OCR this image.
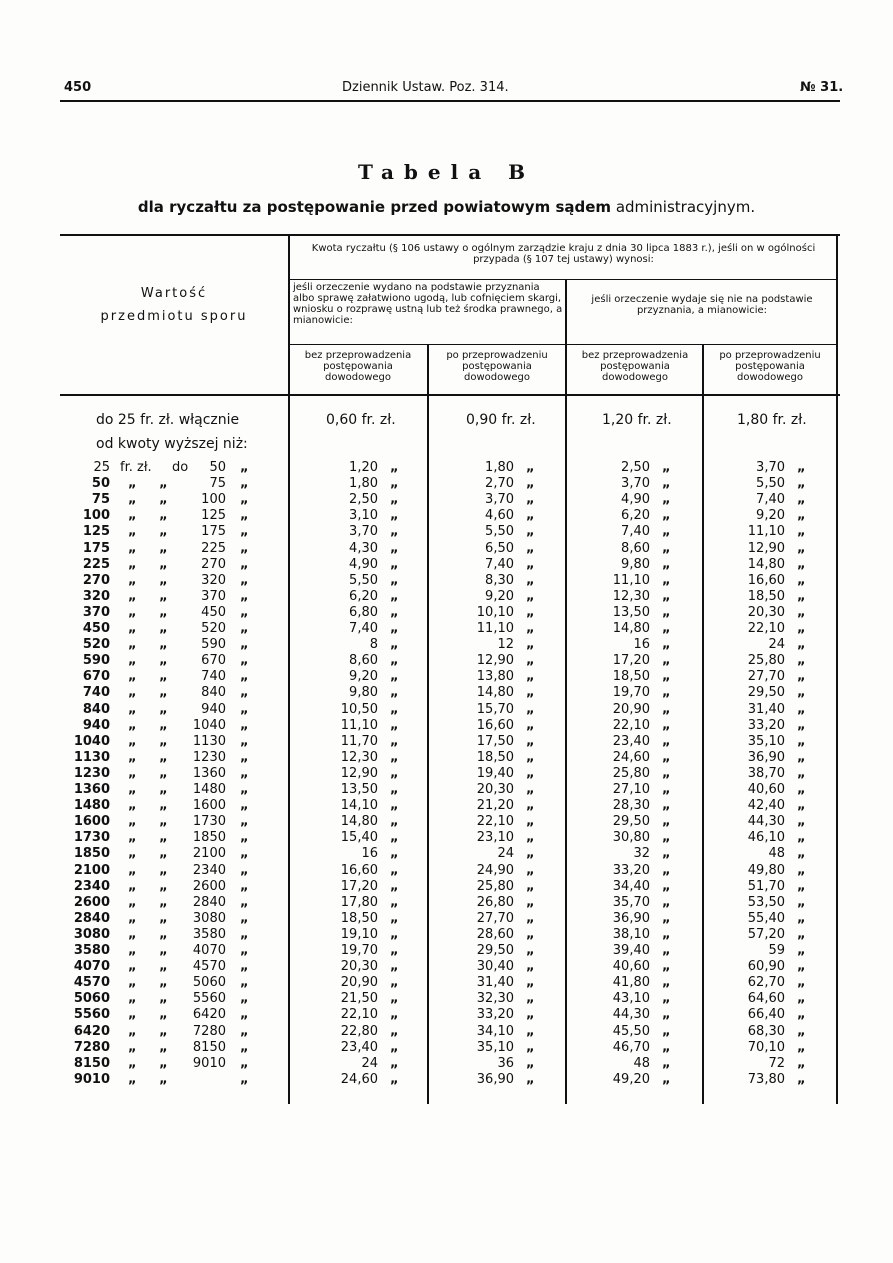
450	Dziennik Ustaw. Poz. 314.	№ 31.
Tabela B
dla ryczałtu za postępowanie przed powiatowym sądem administracyjnym.
Wartość
przedmiotu sporu
Kwota ryczałtu (§ 106 ustawy o ogólnym zarządzie kraju z dnia 30 lipca 1883 r.), jeśli on w ogólności przypada (§ 107 tej ustawy) wynosi:
jeśli orzeczenie wydano na podstawie przyznania albo sprawę załatwiono ugodą, lub cofnięciem skargi, wniosku o rozprawę ustną lub też środka prawnego, a mianowicie:
jeśli orzeczenie wydaje się nie na podstawie przyznania, a mianowicie:
bez przeprowadzenia postępowania dowodowego
po przeprowadzeniu postępowania dowodowego
bez przeprowadzenia postępowania dowodowego
po przeprowadzeniu postępowania dowodowego
do 25 fr. zł. włącznie	0,60 fr. zł.	0,90 fr. zł.	1,20 fr. zł.	1,80 fr. zł.
od kwoty wyższej niż:
25 fr. zł. do	50 „	1,20 „	1,80 „	2,50 „	3,70 „
50 „     „	75 „	1,80 „	2,70 „	3,70 „	5,50 „
75 „     „	100 „	2,50 „	3,70 „	4,90 „	7,40 „
100 „     „	125 „	3,10 „	4,60 „	6,20 „	9,20 „
125 „     „	175 „	3,70 „	5,50 „	7,40 „	11,10 „
175 „     „	225 „	4,30 „	6,50 „	8,60 „	12,90 „
225 „     „	270 „	4,90 „	7,40 „	9,80 „	14,80 „
270 „     „	320 „	5,50 „	8,30 „	11,10 „	16,60 „
320 „     „	370 „	6,20 „	9,20 „	12,30 „	18,50 „
370 „     „	450 „	6,80 „	10,10 „	13,50 „	20,30 „
450 „     „	520 „	7,40 „	11,10 „	14,80 „	22,10 „
520 „     „	590 „	8 „	12 „	16 „	24 „
590 „     „	670 „	8,60 „	12,90 „	17,20 „	25,80 „
670 „     „	740 „	9,20 „	13,80 „	18,50 „	27,70 „
740 „     „	840 „	9,80 „	14,80 „	19,70 „	29,50 „
840 „     „	940 „	10,50 „	15,70 „	20,90 „	31,40 „
940 „     „	1040 „	11,10 „	16,60 „	22,10 „	33,20 „
1040 „     „	1130 „	11,70 „	17,50 „	23,40 „	35,10 „
1130 „     „	1230 „	12,30 „	18,50 „	24,60 „	36,90 „
1230 „     „	1360 „	12,90 „	19,40 „	25,80 „	38,70 „
1360 „     „	1480 „	13,50 „	20,30 „	27,10 „	40,60 „
1480 „     „	1600 „	14,10 „	21,20 „	28,30 „	42,40 „
1600 „     „	1730 „	14,80 „	22,10 „	29,50 „	44,30 „
1730 „     „	1850 „	15,40 „	23,10 „	30,80 „	46,10 „
1850 „     „	2100 „	16 „	24 „	32 „	48 „
2100 „     „	2340 „	16,60 „	24,90 „	33,20 „	49,80 „
2340 „     „	2600 „	17,20 „	25,80 „	34,40 „	51,70 „
2600 „     „	2840 „	17,80 „	26,80 „	35,70 „	53,50 „
2840 „     „	3080 „	18,50 „	27,70 „	36,90 „	55,40 „
3080 „     „	3580 „	19,10 „	28,60 „	38,10 „	57,20 „
3580 „     „	4070 „	19,70 „	29,50 „	39,40 „	59 „
4070 „     „	4570 „	20,30 „	30,40 „	40,60 „	60,90 „
4570 „     „	5060 „	20,90 „	31,40 „	41,80 „	62,70 „
5060 „     „	5560 „	21,50 „	32,30 „	43,10 „	64,60 „
5560 „     „	6420 „	22,10 „	33,20 „	44,30 „	66,40 „
6420 „     „	7280 „	22,80 „	34,10 „	45,50 „	68,30 „
7280 „     „	8150 „	23,40 „	35,10 „	46,70 „	70,10 „
8150 „     „	9010 „	24 „	36 „	48 „	72 „
9010 „     „	„	24,60 „	36,90 „	49,20 „	73,80 „
